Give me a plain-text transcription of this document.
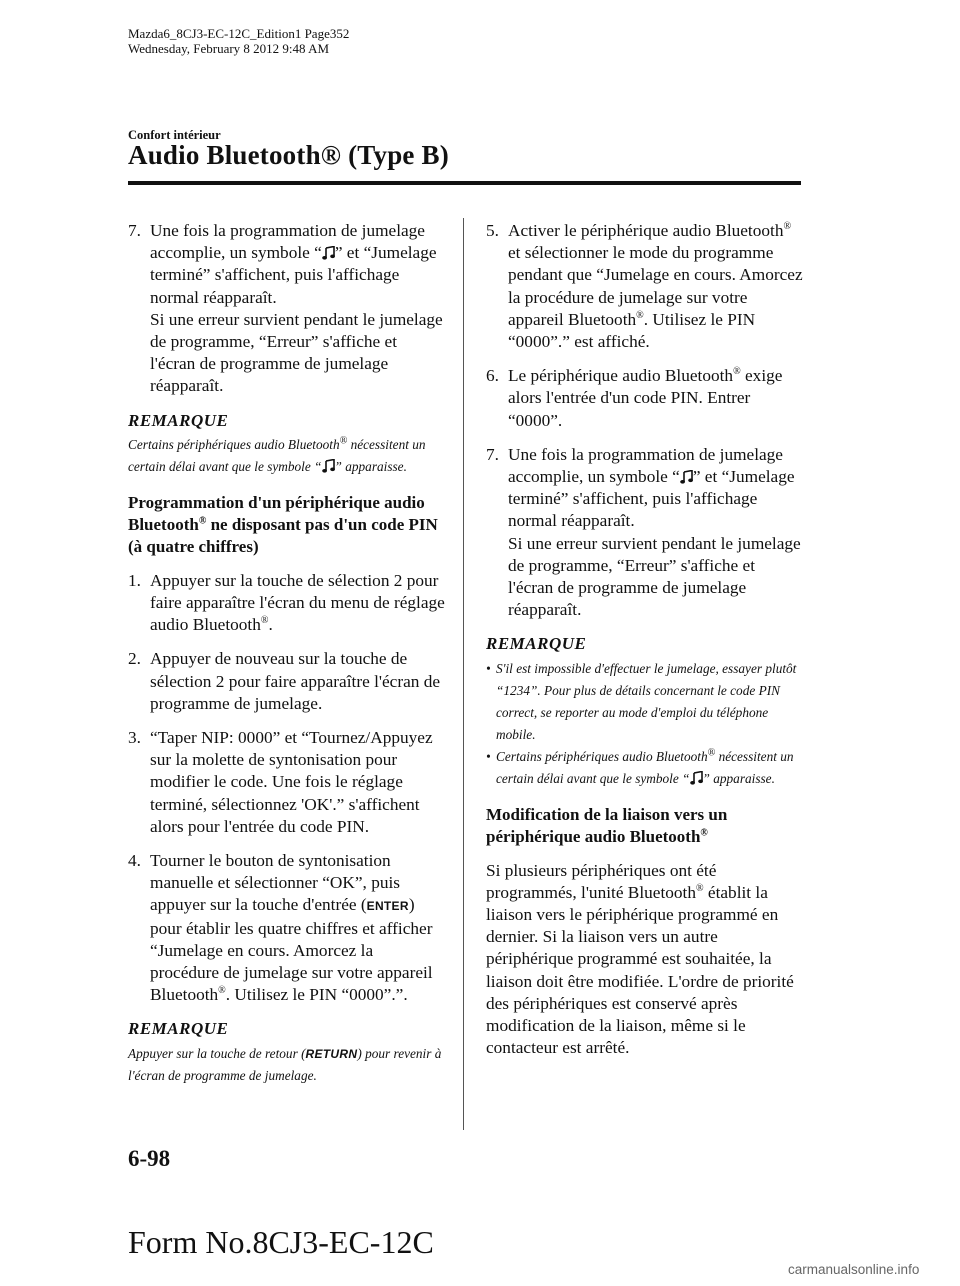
Mazda6_8CJ3-EC-12C_Edition1 Page352
Wednesday, February 8 2012 9:48 AM
Confort intérieur
Audio Bluetooth® (Type B)
7. Une fois la programmation de jumelage accomplie, un symbole “ ” et “Jumelage terminé” s'affichent, puis l'affichage normal réapparaît.

Si une erreur survient pendant le jumelage de programme, “Erreur” s'affiche et l'écran de programme de jumelage réapparaît.

REMARQUE

Certains périphériques audio Bluetooth® nécessitent un certain délai avant que le symbole “ ” apparaisse.

Programmation d'un périphérique audio Bluetooth® ne disposant pas d'un code PIN (à quatre chiffres)

1. Appuyer sur la touche de sélection 2 pour faire apparaître l'écran du menu de réglage audio Bluetooth®.

2. Appuyer de nouveau sur la touche de sélection 2 pour faire apparaître l'écran de programme de jumelage.

3. “Taper NIP: 0000” et “Tournez/Appuyez sur la molette de syntonisation pour modifier le code. Une fois le réglage terminé, sélectionnez 'OK'.” s'affichent alors pour l'entrée du code PIN.

4. Tourner le bouton de syntonisation manuelle et sélectionner “OK”, puis appuyer sur la touche d'entrée (ENTER) pour établir les quatre chiffres et afficher “Jumelage en cours. Amorcez la procédure de jumelage sur votre appareil Bluetooth®. Utilisez le PIN “0000”.”.

REMARQUE

Appuyer sur la touche de retour (RETURN) pour revenir à l'écran de programme de jumelage.

5. Activer le périphérique audio Bluetooth® et sélectionner le mode du programme pendant que “Jumelage en cours. Amorcez la procédure de jumelage sur votre appareil Bluetooth®. Utilisez le PIN “0000”.” est affiché.

6. Le périphérique audio Bluetooth® exige alors l'entrée d'un code PIN. Entrer “0000”.

7. Une fois la programmation de jumelage accomplie, un symbole “ ” et “Jumelage terminé” s'affichent, puis l'affichage normal réapparaît.

Si une erreur survient pendant le jumelage de programme, “Erreur” s'affiche et l'écran de programme de jumelage réapparaît.

REMARQUE
• S'il est impossible d'effectuer le jumelage, essayer plutôt “1234”. Pour plus de détails concernant le code PIN correct, se reporter au mode d'emploi du téléphone mobile.
• Certains périphériques audio Bluetooth® nécessitent un certain délai avant que le symbole “ ” apparaisse.

Modification de la liaison vers un périphérique audio Bluetooth®

Si plusieurs périphériques ont été programmés, l'unité Bluetooth® établit la liaison vers le périphérique programmé en dernier. Si la liaison vers un autre périphérique programmé est souhaitée, la liaison doit être modifiée. L'ordre de priorité des périphériques est conservé après modification de la liaison, même si le contacteur est arrêté.

6-98
Form No.8CJ3-EC-12C
carmanualsonline.info
